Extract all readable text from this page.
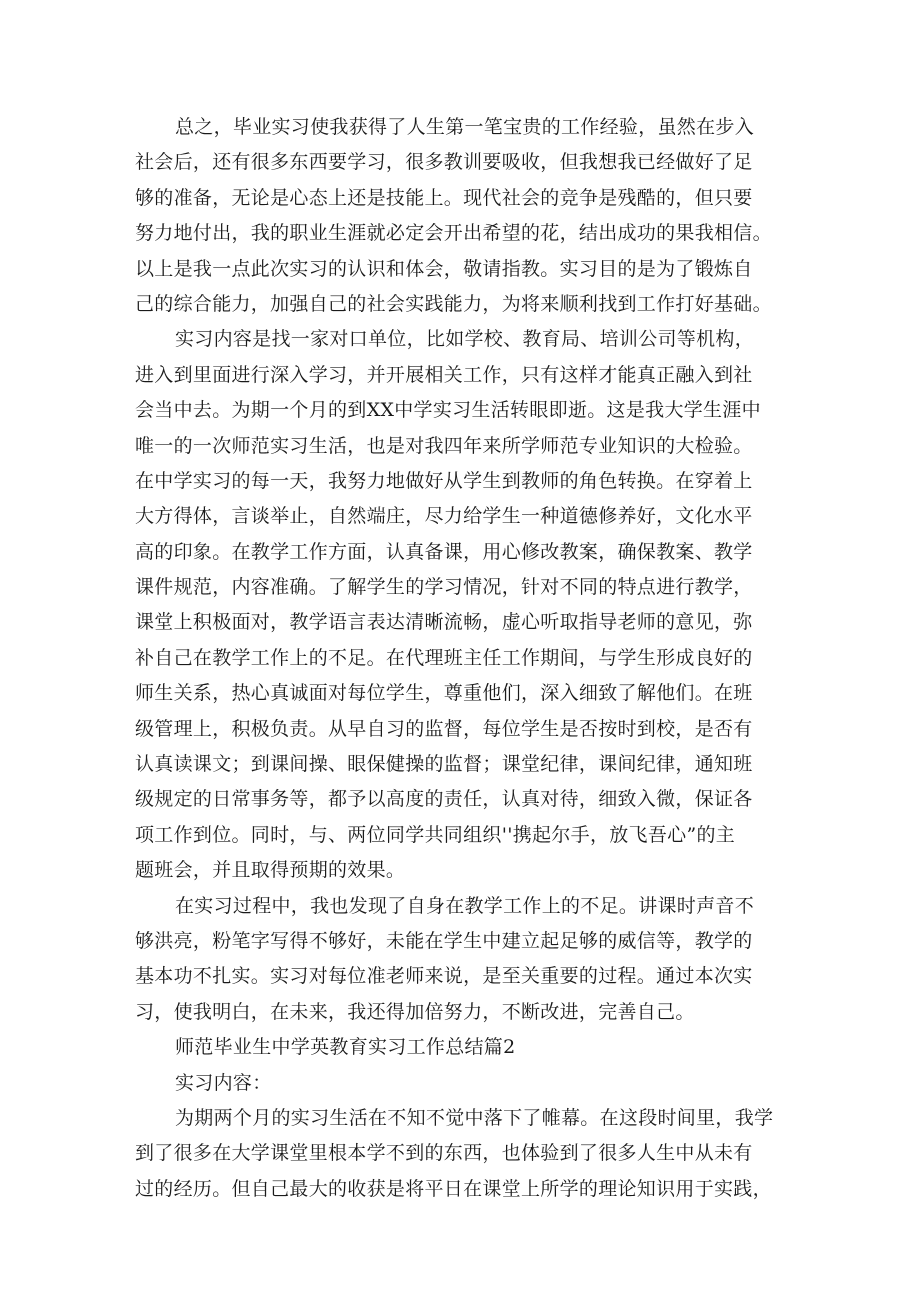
总之，毕业实习使我获得了人生第一笔宝贵的工作经验，虽然在步入
社会后，还有很多东西要学习，很多教训要吸收，但我想我已经做好了足
够的准备，无论是心态上还是技能上。现代社会的竞争是残酷的，但只要
努力地付出，我的职业生涯就必定会开出希望的花，结出成功的果我相信。
以上是我一点此次实习的认识和体会，敬请指教。实习目的是为了锻炼自
己的综合能力，加强自己的社会实践能力，为将来顺利找到工作打好基础。
实习内容是找一家对口单位，比如学校、教育局、培训公司等机构，
进入到里面进行深入学习，并开展相关工作，只有这样才能真正融入到社
会当中去。为期一个月的到XX中学实习生活转眼即逝。这是我大学生涯中
唯一的一次师范实习生活，也是对我四年来所学师范专业知识的大检验。
在中学实习的每一天，我努力地做好从学生到教师的角色转换。在穿着上
大方得体，言谈举止，自然端庄，尽力给学生一种道德修养好，文化水平
高的印象。在教学工作方面，认真备课，用心修改教案，确保教案、教学
课件规范，内容准确。了解学生的学习情况，针对不同的特点进行教学，
课堂上积极面对，教学语言表达清晰流畅，虚心听取指导老师的意见，弥
补自己在教学工作上的不足。在代理班主任工作期间，与学生形成良好的
师生关系，热心真诚面对每位学生，尊重他们，深入细致了解他们。在班
级管理上，积极负责。从早自习的监督，每位学生是否按时到校，是否有
认真读课文；到课间操、眼保健操的监督；课堂纪律，课间纪律，通知班
级规定的日常事务等，都予以高度的责任，认真对待，细致入微，保证各
项工作到位。同时，与、两位同学共同组织''携起尔手，放飞吾心”的主
题班会，并且取得预期的效果。
在实习过程中，我也发现了自身在教学工作上的不足。讲课时声音不
够洪亮，粉笔字写得不够好，未能在学生中建立起足够的威信等，教学的
基本功不扎实。实习对每位准老师来说，是至关重要的过程。通过本次实
习，使我明白，在未来，我还得加倍努力，不断改进，完善自己。
师范毕业生中学英教育实习工作总结篇2
实习内容：
为期两个月的实习生活在不知不觉中落下了帷幕。在这段时间里，我学
到了很多在大学课堂里根本学不到的东西，也体验到了很多人生中从未有
过的经历。但自己最大的收获是将平日在课堂上所学的理论知识用于实践，
